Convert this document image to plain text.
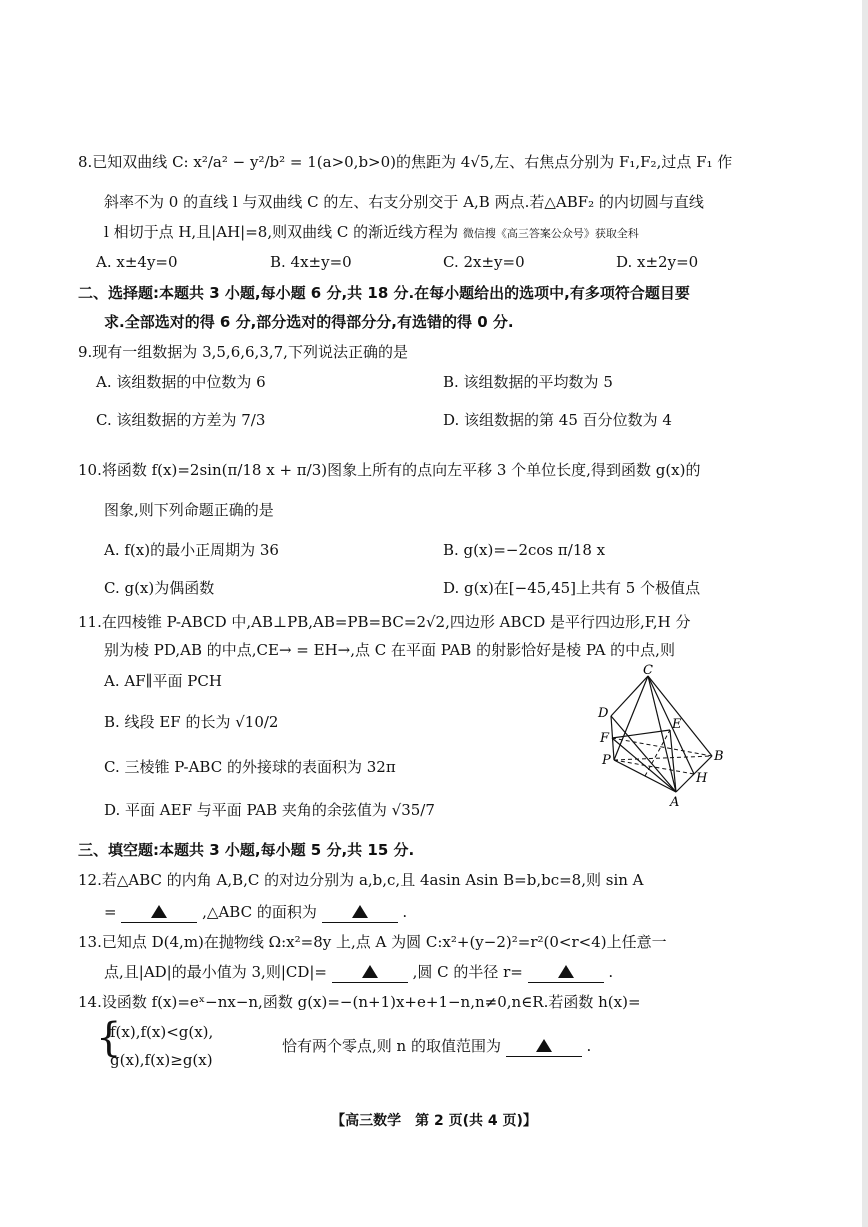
8.已知双曲线 C: x²/a² − y²/b² = 1(a>0,b>0)的焦距为 4√5,左、右焦点分别为 F₁,F₂,过点 F₁ 作
斜率不为 0 的直线 l 与双曲线 C 的左、右支分别交于 A,B 两点.若△ABF₂ 的内切圆与直线
l 相切于点 H,且|AH|=8,则双曲线 C 的渐近线方程为 微信搜《高三答案公众号》获取全科
A. x±4y=0	B. 4x±y=0	C. 2x±y=0	D. x±2y=0
二、选择题:本题共 3 小题,每小题 6 分,共 18 分.在每小题给出的选项中,有多项符合题目要
求.全部选对的得 6 分,部分选对的得部分分,有选错的得 0 分.
9.现有一组数据为 3,5,6,6,3,7,下列说法正确的是
A. 该组数据的中位数为 6	B. 该组数据的平均数为 5
C. 该组数据的方差为 7/3	D. 该组数据的第 45 百分位数为 4
10.将函数 f(x)=2sin(π/18 x + π/3)图象上所有的点向左平移 3 个单位长度,得到函数 g(x)的
图象,则下列命题正确的是
A. f(x)的最小正周期为 36	B. g(x)=−2cos π/18 x
C. g(x)为偶函数	D. g(x)在[−45,45]上共有 5 个极值点
11.在四棱锥 P-ABCD 中,AB⊥PB,AB=PB=BC=2√2,四边形 ABCD 是平行四边形,F,H 分
别为棱 PD,AB 的中点,CE→ = EH→,点 C 在平面 PAB 的射影恰好是棱 PA 的中点,则
A. AF∥平面 PCH
B. 线段 EF 的长为 √10/2
C. 三棱锥 P-ABC 的外接球的表面积为 32π
D. 平面 AEF 与平面 PAB 夹角的余弦值为 √35/7
C
D
E
F
B
P
H
A
三、填空题:本题共 3 小题,每小题 5 分,共 15 分.
12.若△ABC 的内角 A,B,C 的对边分别为 a,b,c,且 4asin Asin B=b,bc=8,则 sin A
=	,△ABC 的面积为	.
13.已知点 D(4,m)在抛物线 Ω:x²=8y 上,点 A 为圆 C:x²+(y−2)²=r²(0<r<4)上任意一
点,且|AD|的最小值为 3,则|CD|=	,圆 C 的半径 r=	.
14.设函数 f(x)=eˣ−nx−n,函数 g(x)=−(n+1)x+e+1−n,n≠0,n∈R.若函数 h(x)=
{
f(x),f(x)<g(x),
g(x),f(x)≥g(x)
恰有两个零点,则 n 的取值范围为	.
【高三数学　第 2 页(共 4 页)】
